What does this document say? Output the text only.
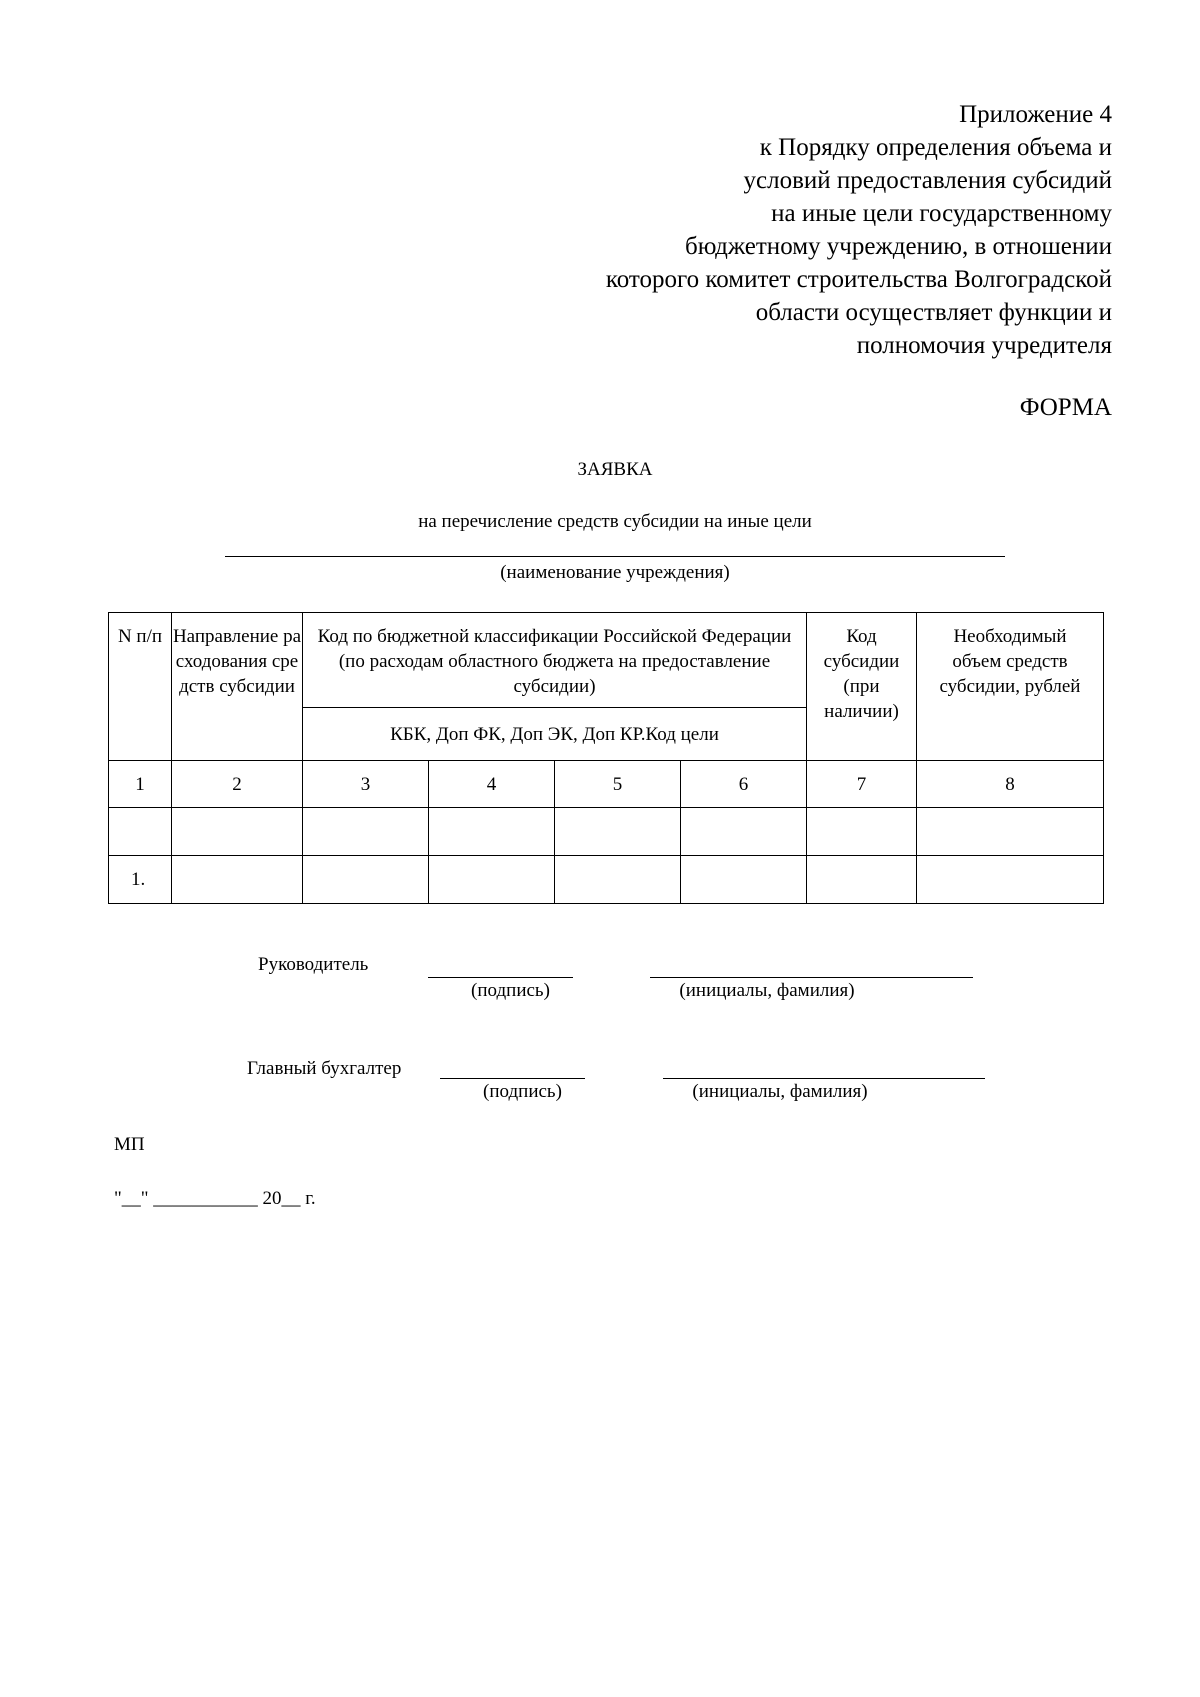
Приложение 4
к Порядку определения объема и
условий предоставления субсидий
на иные цели государственному
бюджетному учреждению, в отношении
которого комитет строительства Волгоградской
области осуществляет функции и
полномочия учредителя
ФОРМА
ЗАЯВКА
на перечисление средств субсидии на иные цели
(наименование учреждения)
N п/п	Направление расходования средств субсидии	Код по бюджетной классификации Российской Федерации (по расходам областного бюджета на предоставление субсидии)				Код субсидии (при наличии)	Необходимый объем средств субсидии, рублей

		КБК, Доп ФК, Доп ЭК, Доп КР.Код цели					
1	2	3	4	5	6	7	8

1.							
Руководитель
(подпись)	(инициалы, фамилия)
Главный бухгалтер
(подпись)	(инициалы, фамилия)
МП
"__" ___________ 20__ г.
